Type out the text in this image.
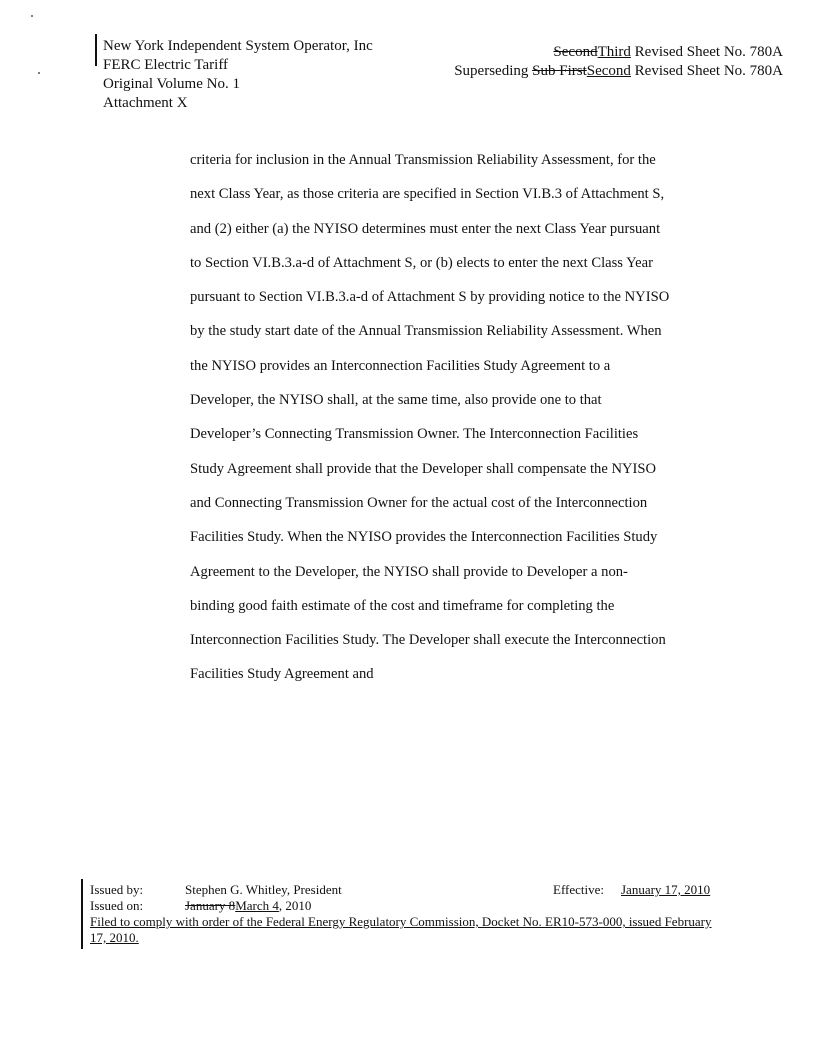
New York Independent System Operator, Inc
FERC Electric Tariff
Original Volume No. 1
Attachment X
SecondThird Revised Sheet No. 780A
Superseding Sub FirstSecond Revised Sheet No. 780A
criteria for inclusion in the Annual Transmission Reliability Assessment, for the
next Class Year, as those criteria are specified in Section VI.B.3 of Attachment S,
and (2) either (a) the NYISO determines must enter the next Class Year pursuant
to Section VI.B.3.a-d of Attachment S, or (b) elects to enter the next Class Year
pursuant to Section VI.B.3.a-d of Attachment S by providing notice to the NYISO
by the study start date of the Annual Transmission Reliability Assessment. When
the NYISO provides an Interconnection Facilities Study Agreement to a
Developer, the NYISO shall, at the same time, also provide one to that
Developer’s Connecting Transmission Owner. The Interconnection Facilities
Study Agreement shall provide that the Developer shall compensate the NYISO
and Connecting Transmission Owner for the actual cost of the Interconnection
Facilities Study. When the NYISO provides the Interconnection Facilities Study
Agreement to the Developer, the NYISO shall provide to Developer a non-
binding good faith estimate of the cost and timeframe for completing the
Interconnection Facilities Study. The Developer shall execute the Interconnection
Facilities Study Agreement and
Issued by:	Stephen G. Whitley, President	Effective: January 17, 2010
Issued on:	January 8March 4, 2010
Filed to comply with order of the Federal Energy Regulatory Commission, Docket No. ER10-573-000, issued February 17, 2010.
